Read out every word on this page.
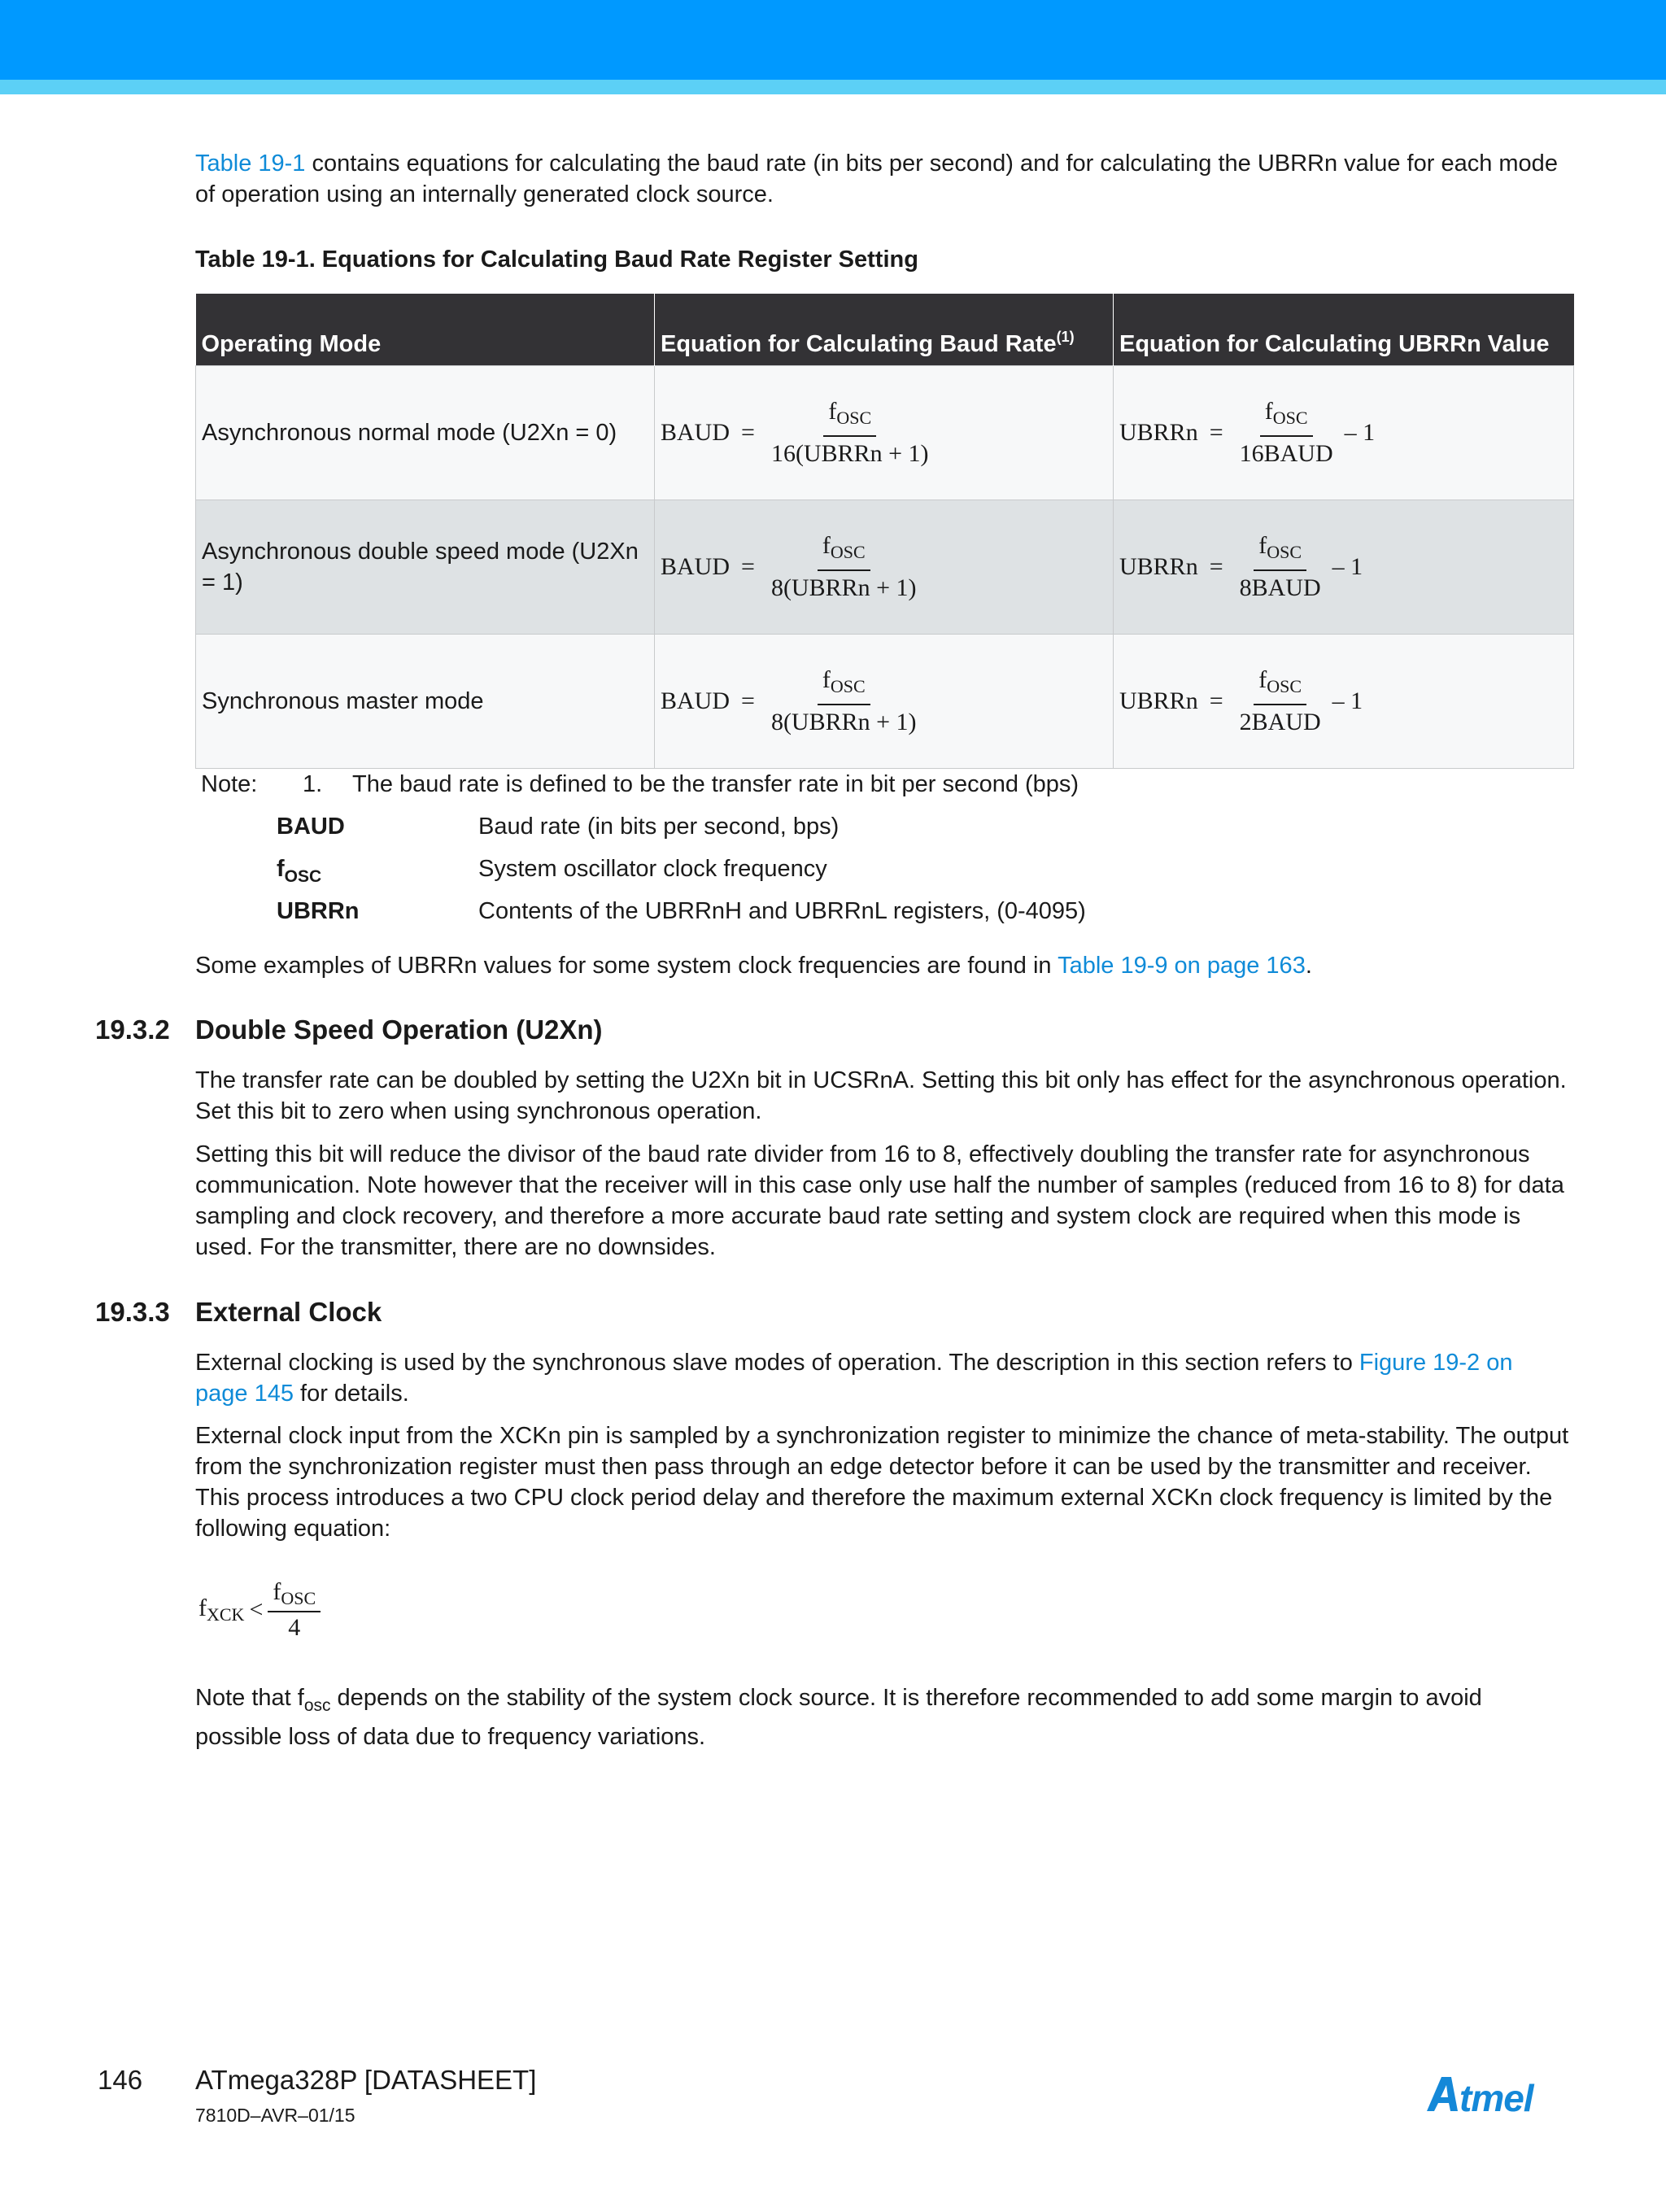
Table 19-1 contains equations for calculating the baud rate (in bits per second) and for calculating the UBRRn value for each mode of operation using an internally generated clock source.

Table 19-1. Equations for Calculating Baud Rate Register Setting

Operating Mode	Equation for Calculating Baud Rate$^{(1)}$	Equation for Calculating UBRRn Value
Asynchronous normal mode (U2Xn = 0)	BAUD = $\frac{f_{OSC}}{\text{16(UBRRn + 1)}}$	UBRRn = $\frac{f_{OSC}}{\text{16BAUD}} - 1$

Asynchronous double speed mode (U2Xn = 1)	BAUD = $\frac{f_{OSC}}{\text{8(UBRRn + 1)}}$	UBRRn = $\frac{f_{OSC}}{\text{8BAUD}} - 1$

Synchronous master mode	BAUD = $\frac{f_{OSC}}{\text{8(UBRRn + 1)}}$	UBRRn = $\frac{f_{OSC}}{\text{2BAUD}} - 1$
Note: 1. The baud rate is defined to be the transfer rate in bit per second (bps)
BAUD	Baud rate (in bits per second, bps)
$f_{OSC}$	System oscillator clock frequency
UBRRn	Contents of the UBRRnH and UBRRnL registers, (0-4095)

Some examples of UBRRn values for some system clock frequencies are found in Table 19-9 on page 163.

19.3.2 Double Speed Operation (U2Xn)

The transfer rate can be doubled by setting the U2Xn bit in UCSRnA. Setting this bit only has effect for the asynchronous operation. Set this bit to zero when using synchronous operation.

Setting this bit will reduce the divisor of the baud rate divider from 16 to 8, effectively doubling the transfer rate for asynchronous communication. Note however that the receiver will in this case only use half the number of samples (reduced from 16 to 8) for data sampling and clock recovery, and therefore a more accurate baud rate setting and system clock are required when this mode is used. For the transmitter, there are no downsides.

19.3.3 External Clock

External clocking is used by the synchronous slave modes of operation. The description in this section refers to Figure 19-2 on page 145 for details.

External clock input from the XCKn pin is sampled by a synchronization register to minimize the chance of meta-stability. The output from the synchronization register must then pass through an edge detector before it can be used by the transmitter and receiver. This process introduces a two CPU clock period delay and therefore the maximum external XCKn clock frequency is limited by the following equation:

$f_{XCK} < \frac{f_{OSC}}{4}$

Note that $f_{osc}$ depends on the stability of the system clock source. It is therefore recommended to add some margin to avoid possible loss of data due to frequency variations.

146 ATmega328P [DATASHEET]
7810D–AVR–01/15	tmel
